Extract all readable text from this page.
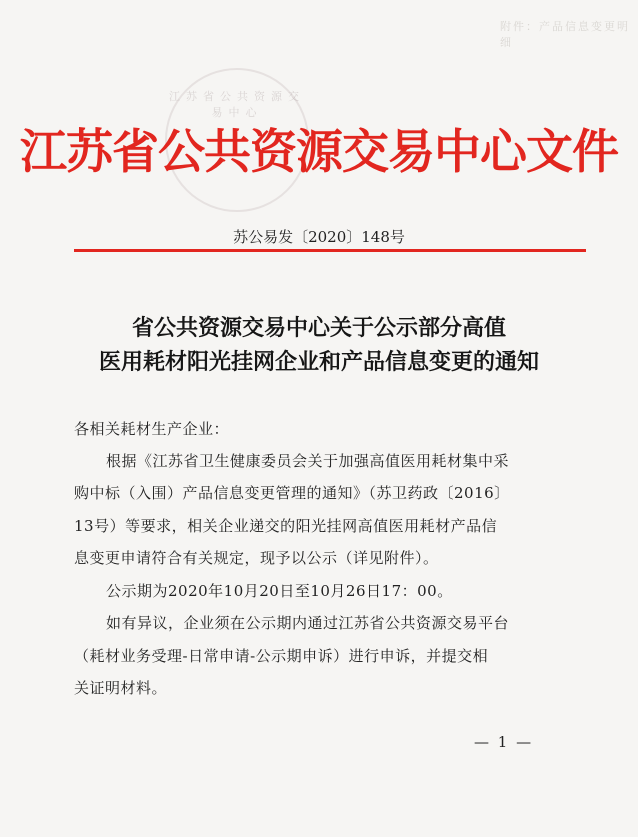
附件：产品信息变更明细
江苏省公共资源交易中心
江苏省公共资源交易中心文件
苏公易发〔2020〕148号
省公共资源交易中心关于公示部分高值
医用耗材阳光挂网企业和产品信息变更的通知
各相关耗材生产企业：
根据《江苏省卫生健康委员会关于加强高值医用耗材集中采
购中标（入围）产品信息变更管理的通知》（苏卫药政〔2016〕
13号）等要求，相关企业递交的阳光挂网高值医用耗材产品信
息变更申请符合有关规定，现予以公示（详见附件）。
公示期为2020年10月20日至10月26日17：00。
如有异议，企业须在公示期内通过江苏省公共资源交易平台
（耗材业务受理-日常申请-公示期申诉）进行申诉，并提交相
关证明材料。
— 1 —
